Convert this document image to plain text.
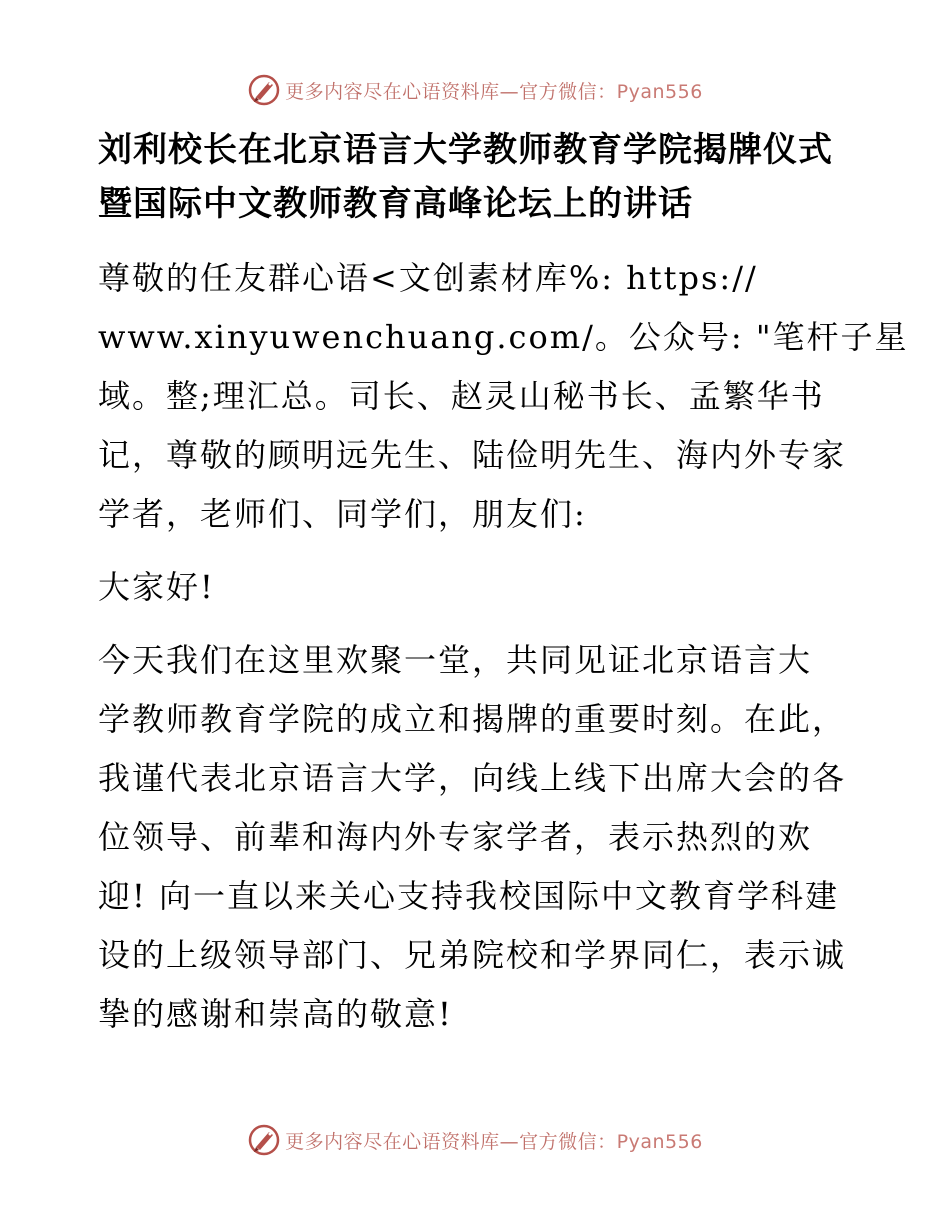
更多内容尽在心语资料库—官方微信：Pyan556
刘利校长在北京语言大学教师教育学院揭牌仪式
暨国际中文教师教育高峰论坛上的讲话

尊敬的任友群心语<文创素材库%: https://
www.xinyuwenchuang.com/。公众号: "笔杆子星
域。整;理汇总。司长、赵灵山秘书长、孟繁华书
记，尊敬的顾明远先生、陆俭明先生、海内外专家
学者，老师们、同学们，朋友们:

大家好!

今天我们在这里欢聚一堂，共同见证北京语言大
学教师教育学院的成立和揭牌的重要时刻。在此，
我谨代表北京语言大学，向线上线下出席大会的各
位领导、前辈和海内外专家学者，表示热烈的欢
迎! 向一直以来关心支持我校国际中文教育学科建
设的上级领导部门、兄弟院校和学界同仁，表示诚
挚的感谢和崇高的敬意!

更多内容尽在心语资料库—官方微信：Pyan556
